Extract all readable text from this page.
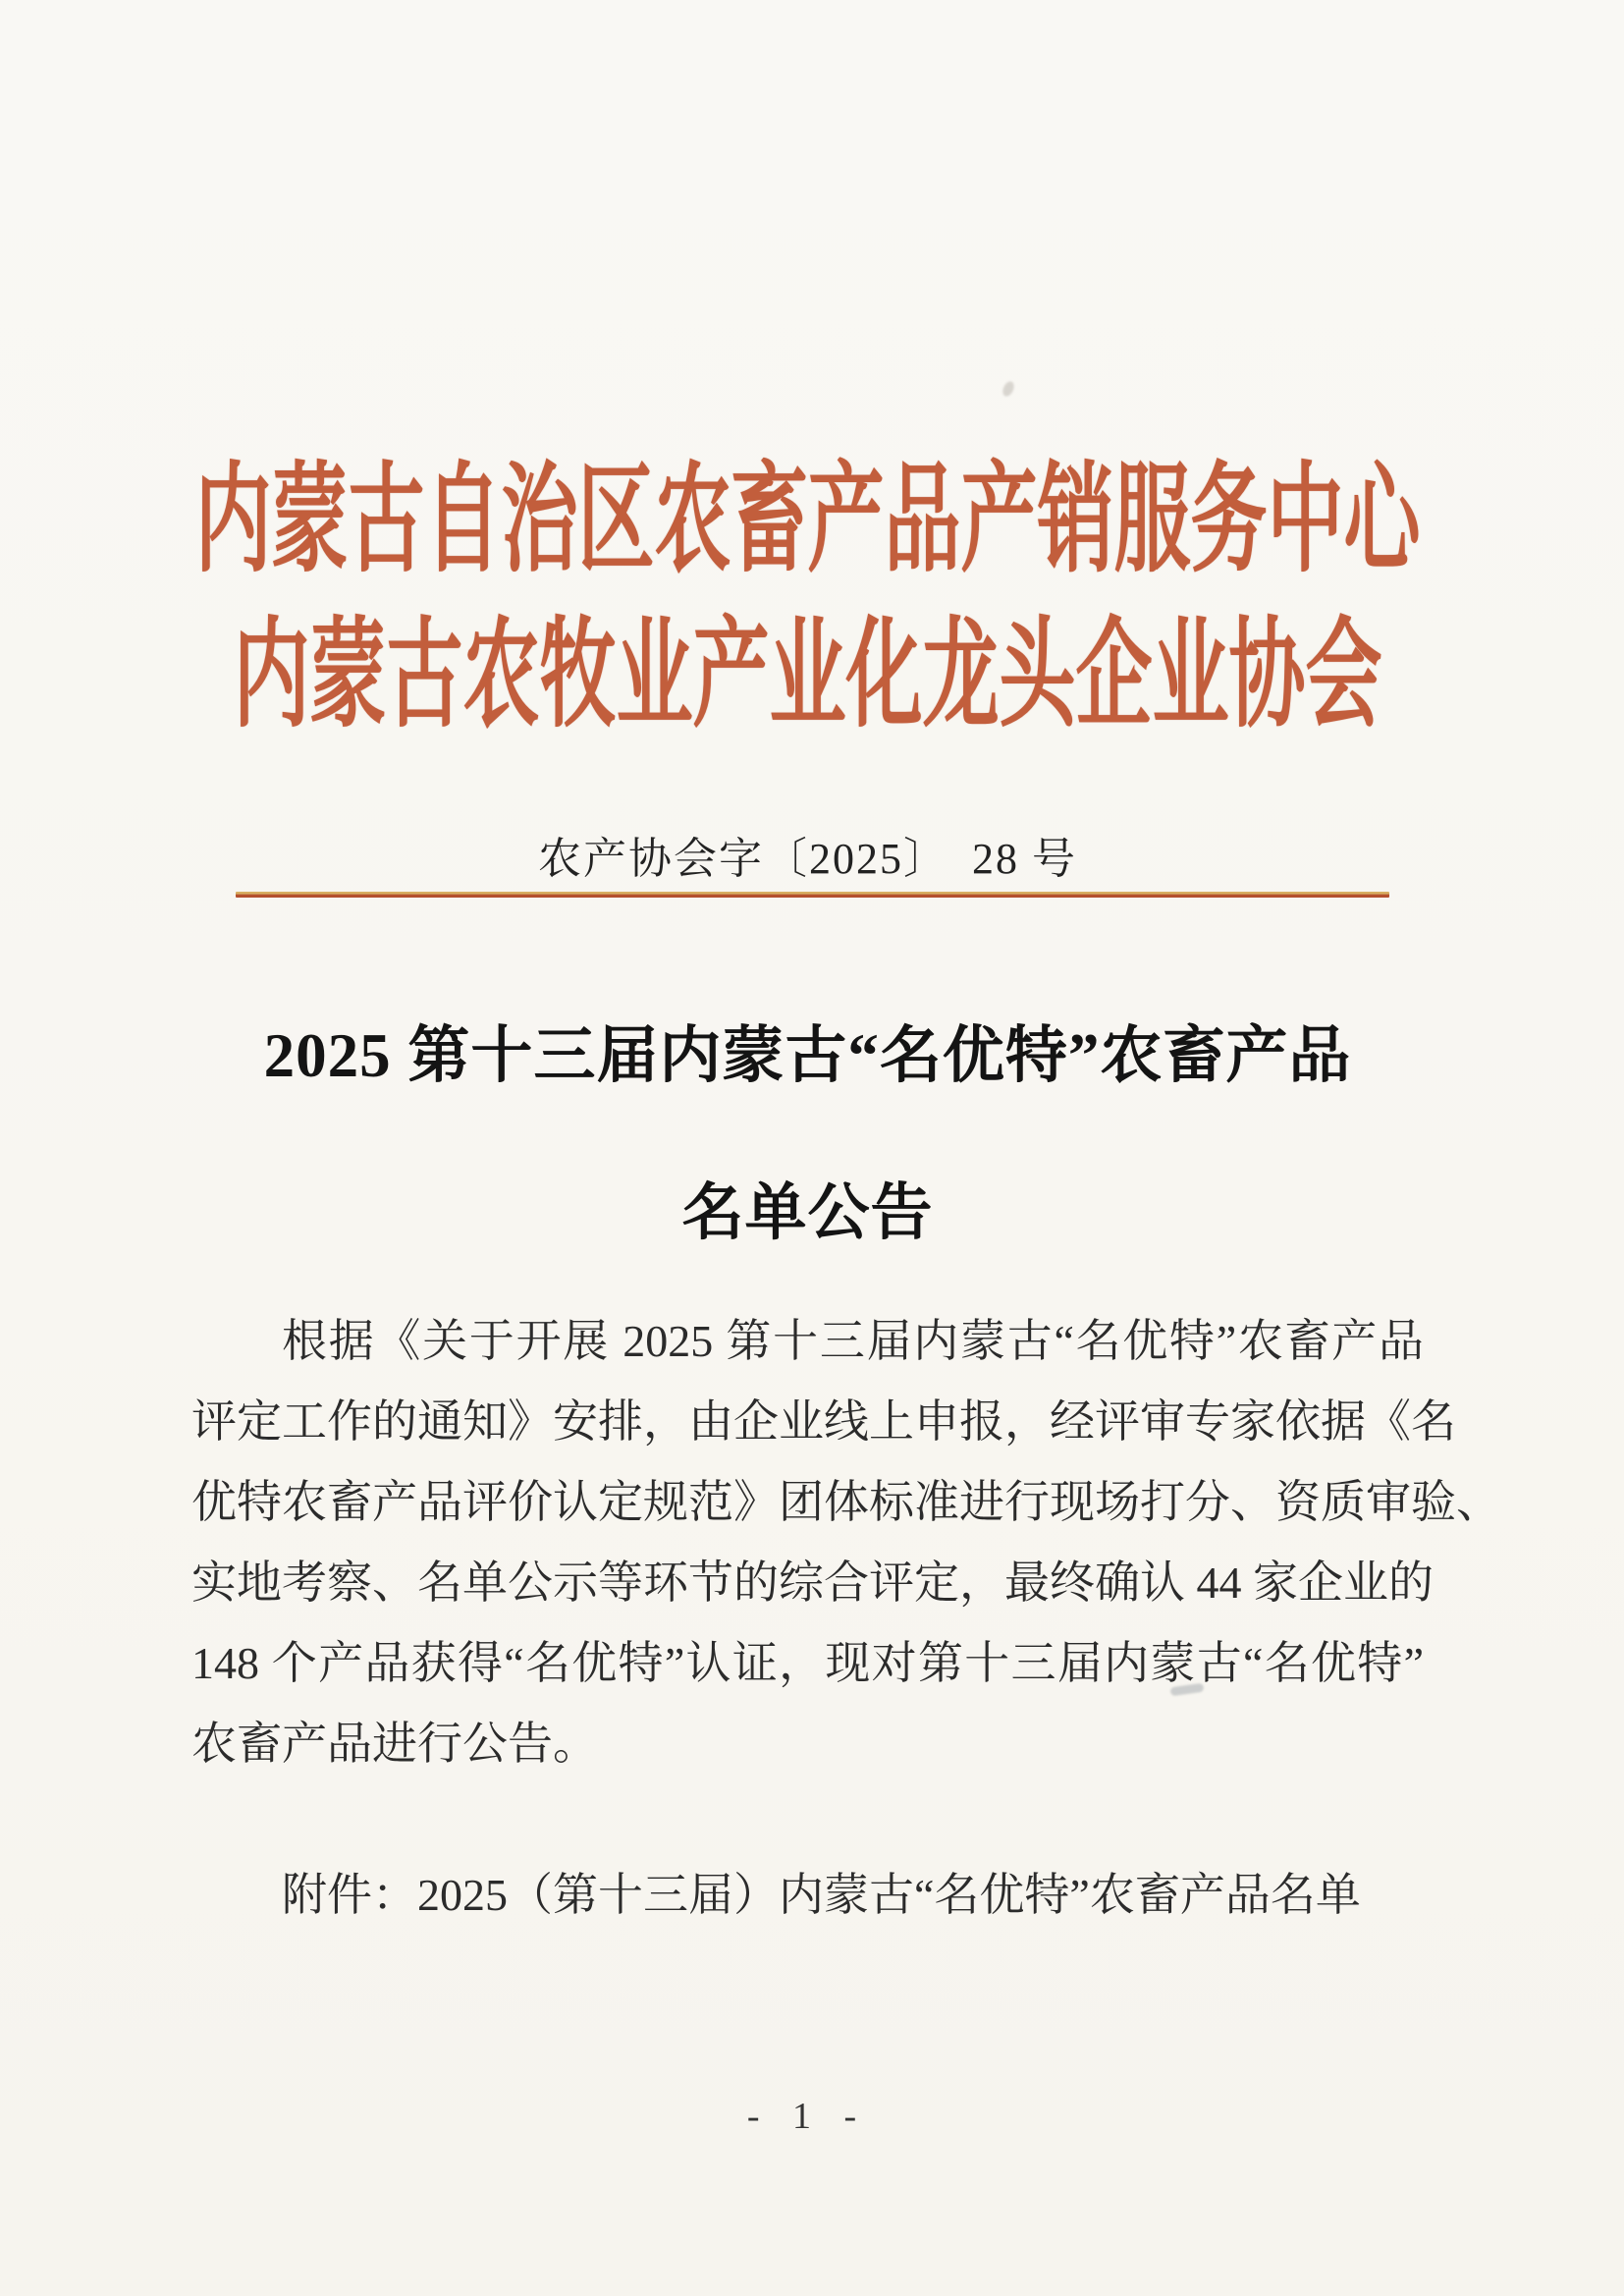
内蒙古自治区农畜产品产销服务中心
内蒙古农牧业产业化龙头企业协会
农产协会字〔2025〕　28 号
2025 第十三届内蒙古“名优特”农畜产品
名单公告
根据《关于开展 2025 第十三届内蒙古“名优特”农畜产品
评定工作的通知》安排，由企业线上申报，经评审专家依据《名
优特农畜产品评价认定规范》团体标准进行现场打分、资质审验、
实地考察、名单公示等环节的综合评定，最终确认 44 家企业的
148 个产品获得“名优特”认证，现对第十三届内蒙古“名优特”
农畜产品进行公告。
附件：2025（第十三届）内蒙古“名优特”农畜产品名单
- 1 -
